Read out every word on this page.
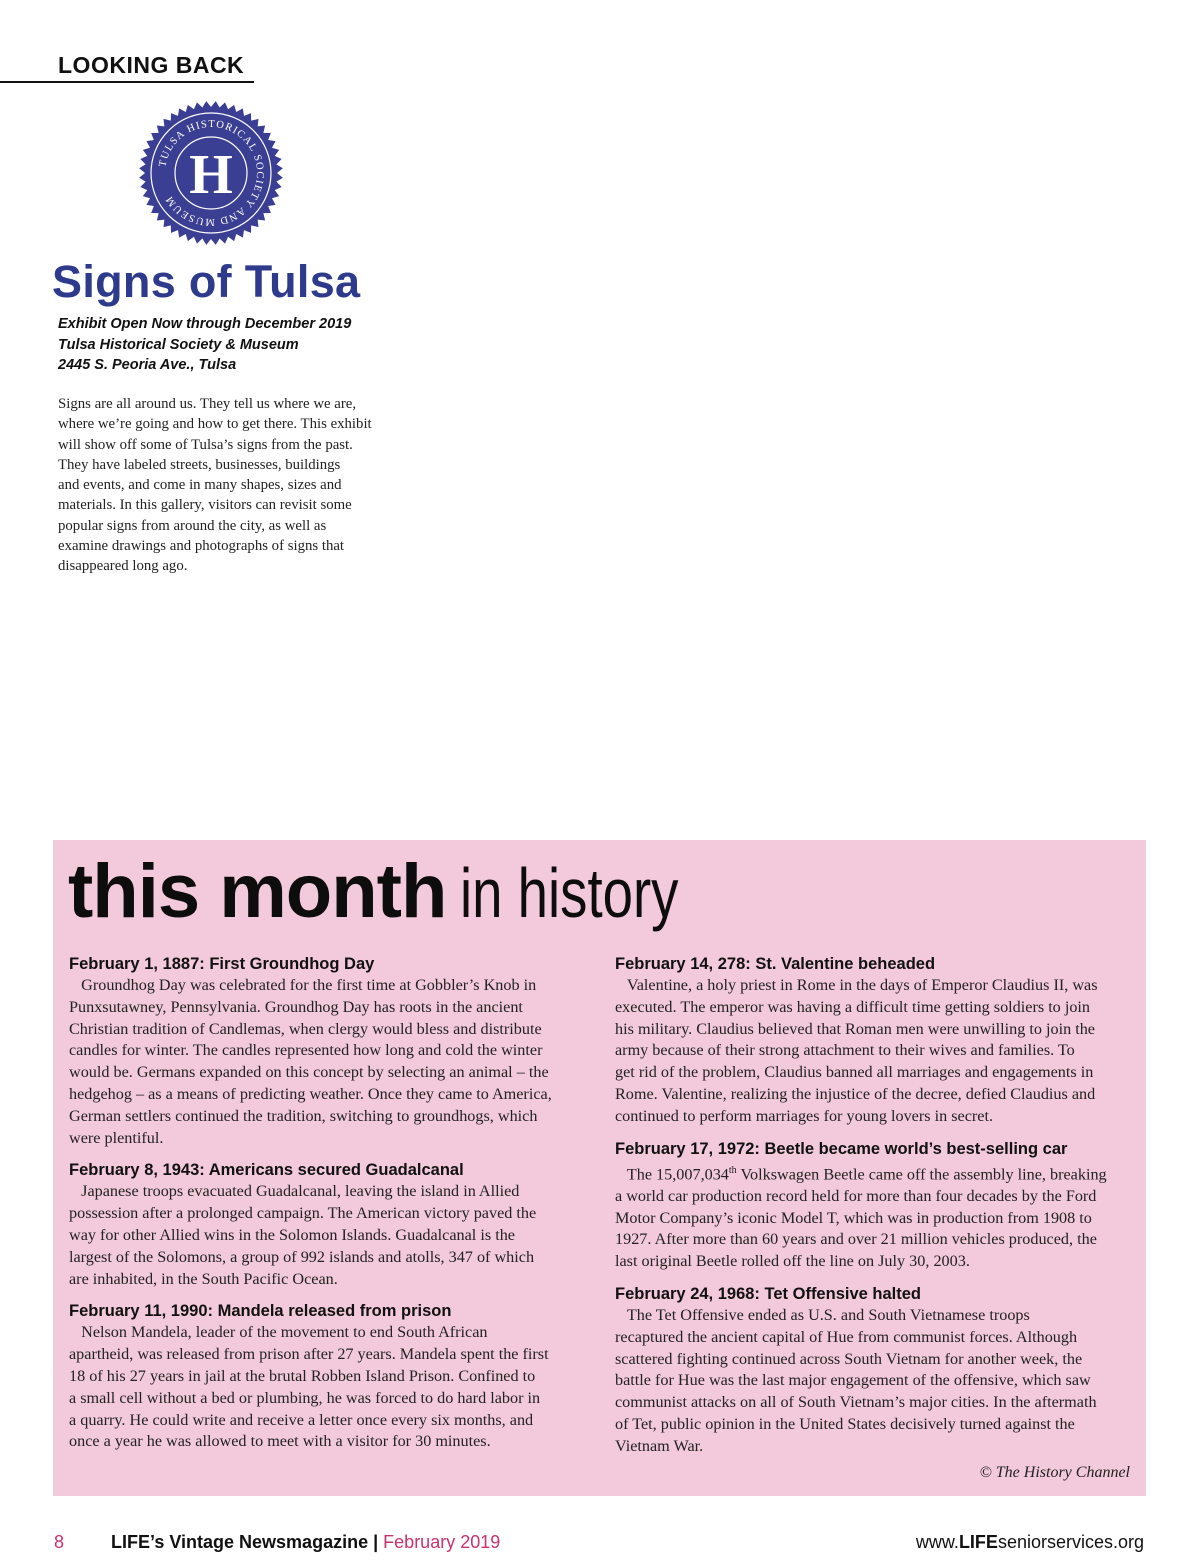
LOOKING BACK
TULSA HISTORICAL SOCIETY AND MUSEUM H
Signs of Tulsa
Exhibit Open Now through December 2019
Tulsa Historical Society & Museum
2445 S. Peoria Ave., Tulsa
Signs are all around us. They tell us where we are,
where we’re going and how to get there. This exhibit
will show off some of Tulsa’s signs from the past.
They have labeled streets, businesses, buildings
and events, and come in many shapes, sizes and
materials. In this gallery, visitors can revisit some
popular signs from around the city, as well as
examine drawings and photographs of signs that
disappeared long ago.
this month in history
February 1, 1887: First Groundhog Day
Groundhog Day was celebrated for the first time at Gobbler’s Knob in
Punxsutawney, Pennsylvania. Groundhog Day has roots in the ancient
Christian tradition of Candlemas, when clergy would bless and distribute
candles for winter. The candles represented how long and cold the winter
would be. Germans expanded on this concept by selecting an animal – the
hedgehog – as a means of predicting weather. Once they came to America,
German settlers continued the tradition, switching to groundhogs, which
were plentiful.
February 8, 1943: Americans secured Guadalcanal
Japanese troops evacuated Guadalcanal, leaving the island in Allied
possession after a prolonged campaign. The American victory paved the
way for other Allied wins in the Solomon Islands. Guadalcanal is the
largest of the Solomons, a group of 992 islands and atolls, 347 of which
are inhabited, in the South Pacific Ocean.
February 11, 1990: Mandela released from prison
Nelson Mandela, leader of the movement to end South African
apartheid, was released from prison after 27 years. Mandela spent the first
18 of his 27 years in jail at the brutal Robben Island Prison. Confined to
a small cell without a bed or plumbing, he was forced to do hard labor in
a quarry. He could write and receive a letter once every six months, and
once a year he was allowed to meet with a visitor for 30 minutes.
February 14, 278: St. Valentine beheaded
Valentine, a holy priest in Rome in the days of Emperor Claudius II, was
executed. The emperor was having a difficult time getting soldiers to join
his military. Claudius believed that Roman men were unwilling to join the
army because of their strong attachment to their wives and families. To
get rid of the problem, Claudius banned all marriages and engagements in
Rome. Valentine, realizing the injustice of the decree, defied Claudius and
continued to perform marriages for young lovers in secret.
February 17, 1972: Beetle became world’s best-selling car
The 15,007,034th Volkswagen Beetle came off the assembly line, breaking
a world car production record held for more than four decades by the Ford
Motor Company’s iconic Model T, which was in production from 1908 to
1927. After more than 60 years and over 21 million vehicles produced, the
last original Beetle rolled off the line on July 30, 2003.
February 24, 1968: Tet Offensive halted
The Tet Offensive ended as U.S. and South Vietnamese troops
recaptured the ancient capital of Hue from communist forces. Although
scattered fighting continued across South Vietnam for another week, the
battle for Hue was the last major engagement of the offensive, which saw
communist attacks on all of South Vietnam’s major cities. In the aftermath
of Tet, public opinion in the United States decisively turned against the
Vietnam War.
© The History Channel
8	LIFE’s Vintage Newsmagazine | February 2019	www.LIFEseniorservices.org
